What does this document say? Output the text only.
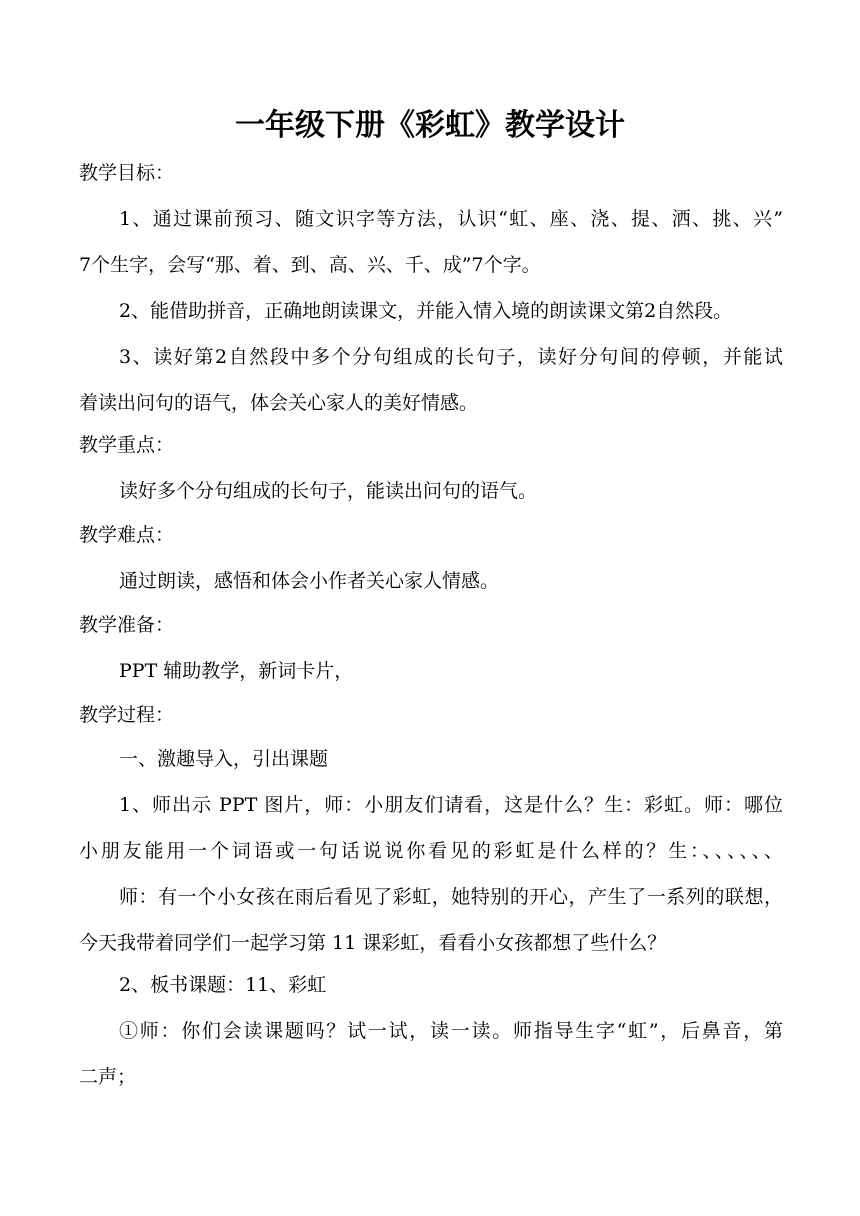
一年级下册《彩虹》教学设计
教学目标：
1、通过课前预习、随文识字等方法，认识“虹、座、浇、提、洒、挑、兴”
7个生字，会写“那、着、到、高、兴、千、成”7个字。
2、能借助拼音，正确地朗读课文，并能入情入境的朗读课文第2自然段。
3、读好第2自然段中多个分句组成的长句子，读好分句间的停顿，并能试
着读出问句的语气，体会关心家人的美好情感。
教学重点：
读好多个分句组成的长句子，能读出问句的语气。
教学难点：
通过朗读，感悟和体会小作者关心家人情感。
教学准备：
PPT 辅助教学，新词卡片，
教学过程：
一、激趣导入，引出课题
1、师出示 PPT 图片，师：小朋友们请看，这是什么？生：彩虹。师：哪位
小朋友能用一个词语或一句话说说你看见的彩虹是什么样的？生：、、、、、、
师：有一个小女孩在雨后看见了彩虹，她特别的开心，产生了一系列的联想，
今天我带着同学们一起学习第 11 课彩虹，看看小女孩都想了些什么？
2、板书课题：11、彩虹
①师：你们会读课题吗？试一试，读一读。师指导生字“虹”，后鼻音，第
二声；
